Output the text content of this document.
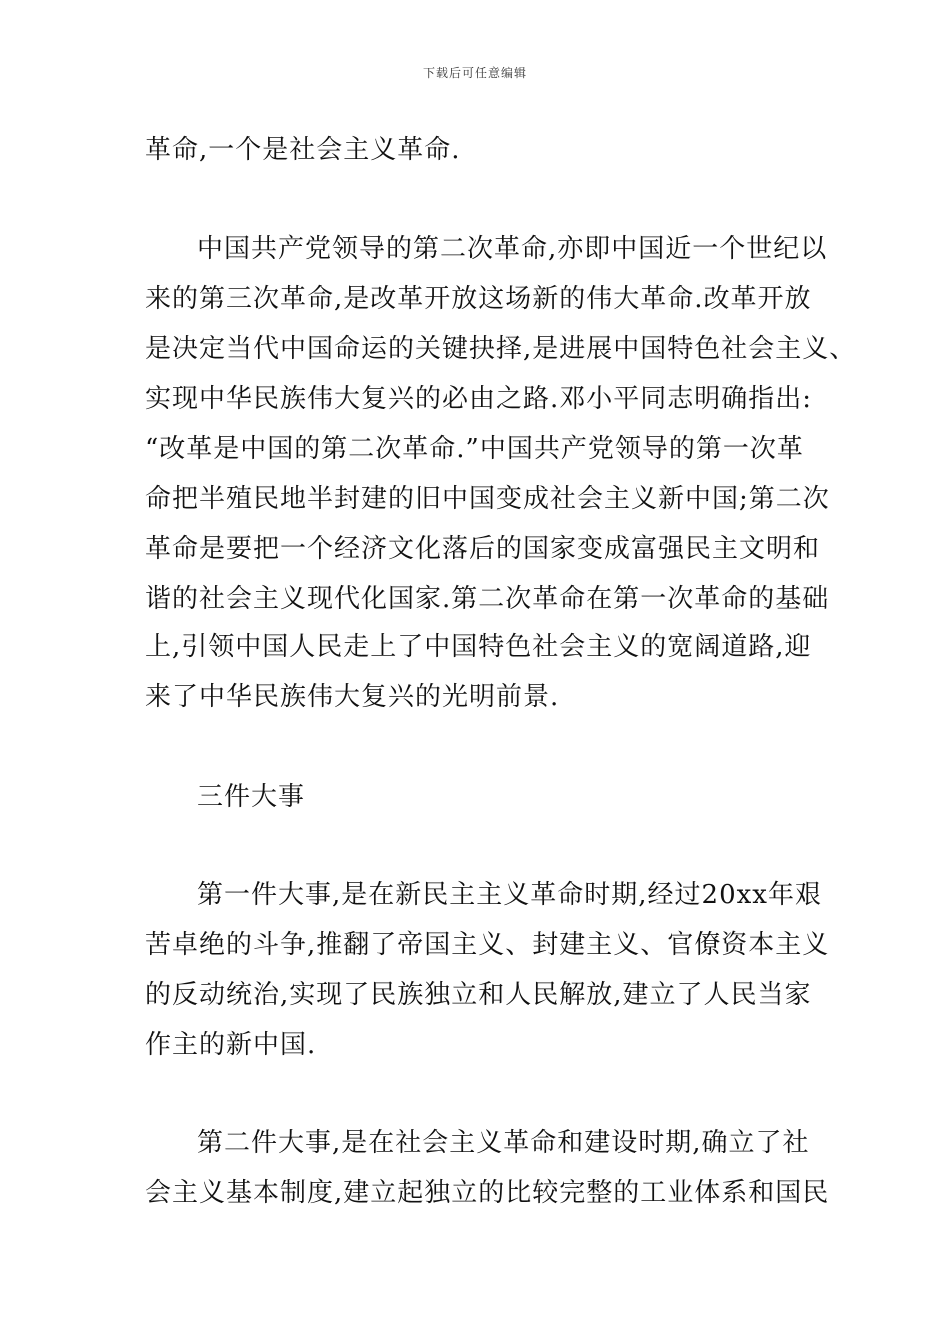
下载后可任意编辑
革命,一个是社会主义革命.
中国共产党领导的第二次革命,亦即中国近一个世纪以
来的第三次革命,是改革开放这场新的伟大革命.改革开放
是决定当代中国命运的关键抉择,是进展中国特色社会主义、
实现中华民族伟大复兴的必由之路.邓小平同志明确指出:
“改革是中国的第二次革命.”中国共产党领导的第一次革
命把半殖民地半封建的旧中国变成社会主义新中国;第二次
革命是要把一个经济文化落后的国家变成富强民主文明和
谐的社会主义现代化国家.第二次革命在第一次革命的基础
上,引领中国人民走上了中国特色社会主义的宽阔道路,迎
来了中华民族伟大复兴的光明前景.
三件大事
第一件大事,是在新民主主义革命时期,经过20xx年艰
苦卓绝的斗争,推翻了帝国主义、封建主义、官僚资本主义
的反动统治,实现了民族独立和人民解放,建立了人民当家
作主的新中国.
第二件大事,是在社会主义革命和建设时期,确立了社
会主义基本制度,建立起独立的比较完整的工业体系和国民
